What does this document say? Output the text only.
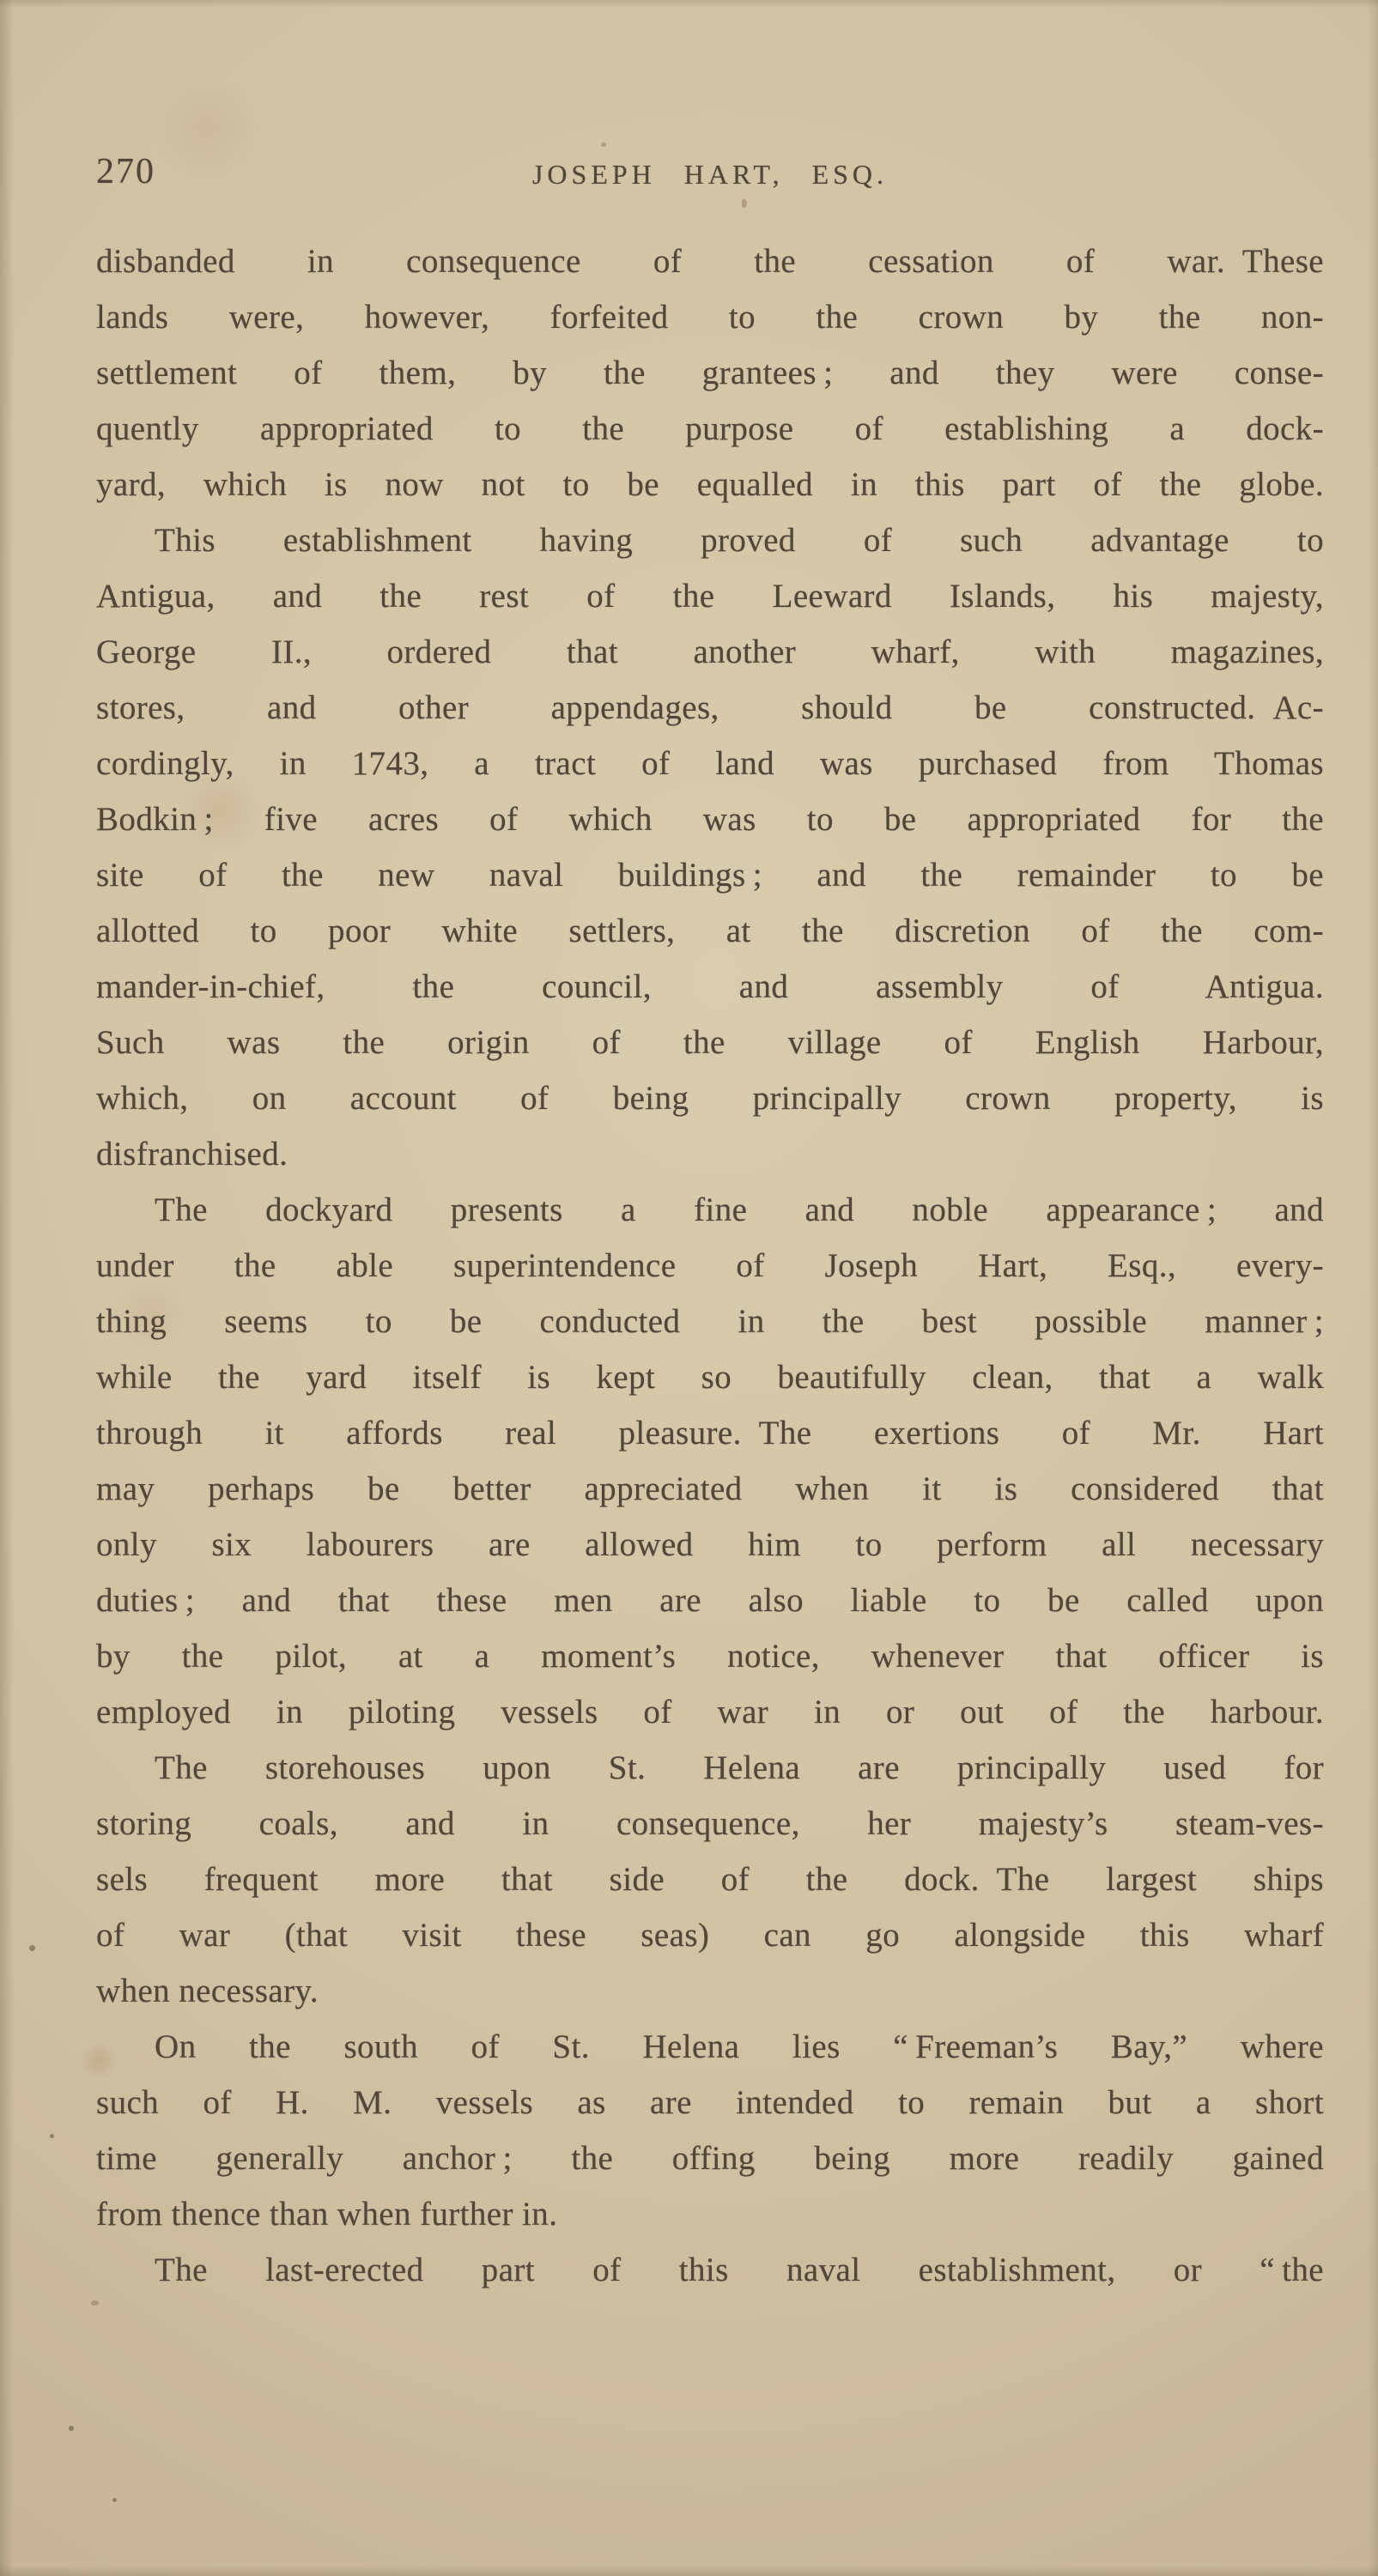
270	JOSEPH HART, ESQ.
disbanded in consequence of the cessation of war. These
lands were, however, forfeited to the crown by the non-
settlement of them, by the grantees ; and they were conse-
quently appropriated to the purpose of establishing a dock-
yard, which is now not to be equalled in this part of the globe.
This establishment having proved of such advantage to
Antigua, and the rest of the Leeward Islands, his majesty,
George II., ordered that another wharf, with magazines,
stores, and other appendages, should be constructed. Ac-
cordingly, in 1743, a tract of land was purchased from Thomas
Bodkin ; five acres of which was to be appropriated for the
site of the new naval buildings ; and the remainder to be
allotted to poor white settlers, at the discretion of the com-
mander-in-chief, the council, and assembly of Antigua.
Such was the origin of the village of English Harbour,
which, on account of being principally crown property, is
disfranchised.
The dockyard presents a fine and noble appearance ; and
under the able superintendence of Joseph Hart, Esq., every-
thing seems to be conducted in the best possible manner ;
while the yard itself is kept so beautifully clean, that a walk
through it affords real pleasure. The exertions of Mr. Hart
may perhaps be better appreciated when it is considered that
only six labourers are allowed him to perform all necessary
duties ; and that these men are also liable to be called upon
by the pilot, at a moment’s notice, whenever that officer is
employed in piloting vessels of war in or out of the harbour.
The storehouses upon St. Helena are principally used for
storing coals, and in consequence, her majesty’s steam-ves-
sels frequent more that side of the dock. The largest ships
of war (that visit these seas) can go alongside this wharf
when necessary.
On the south of St. Helena lies “ Freeman’s Bay,” where
such of H. M. vessels as are intended to remain but a short
time generally anchor ; the offing being more readily gained
from thence than when further in.
The last-erected part of this naval establishment, or “ the
